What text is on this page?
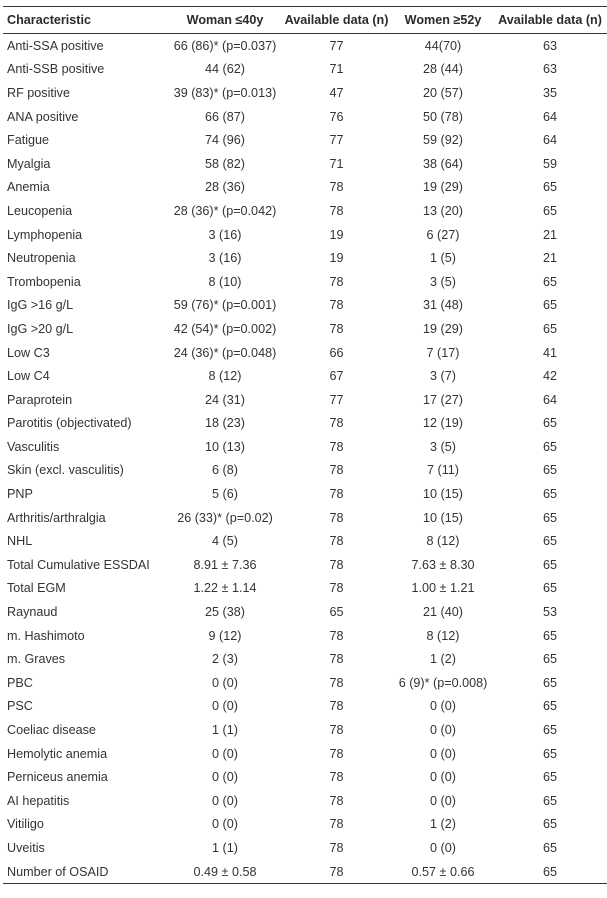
Characteristic	Woman ≤40y	Available data (n)	Women ≥52y	Available data (n)
Anti-SSA positive	66 (86)* (p=0.037)	77	44(70)	63
Anti-SSB positive	44 (62)	71	28 (44)	63
RF positive	39 (83)* (p=0.013)	47	20 (57)	35
ANA positive	66 (87)	76	50 (78)	64
Fatigue	74 (96)	77	59 (92)	64
Myalgia	58 (82)	71	38 (64)	59
Anemia	28 (36)	78	19 (29)	65
Leucopenia	28 (36)* (p=0.042)	78	13 (20)	65
Lymphopenia	3 (16)	19	6 (27)	21
Neutropenia	3 (16)	19	1 (5)	21
Trombopenia	8 (10)	78	3 (5)	65
IgG >16 g/L	59 (76)* (p=0.001)	78	31 (48)	65
IgG >20 g/L	42 (54)* (p=0.002)	78	19 (29)	65
Low C3	24 (36)* (p=0.048)	66	7 (17)	41
Low C4	8 (12)	67	3 (7)	42
Paraprotein	24 (31)	77	17 (27)	64
Parotitis (objectivated)	18 (23)	78	12 (19)	65
Vasculitis	10 (13)	78	3 (5)	65
Skin (excl. vasculitis)	6 (8)	78	7 (11)	65
PNP	5 (6)	78	10 (15)	65
Arthritis/arthralgia	26 (33)* (p=0.02)	78	10 (15)	65
NHL	4 (5)	78	8 (12)	65
Total Cumulative ESSDAI	8.91 ± 7.36	78	7.63 ± 8.30	65
Total EGM	1.22 ± 1.14	78	1.00 ± 1.21	65
Raynaud	25 (38)	65	21 (40)	53
m. Hashimoto	9 (12)	78	8 (12)	65
m. Graves	2 (3)	78	1 (2)	65
PBC	0 (0)	78	6 (9)* (p=0.008)	65
PSC	0 (0)	78	0 (0)	65
Coeliac disease	1 (1)	78	0 (0)	65
Hemolytic anemia	0 (0)	78	0 (0)	65
Perniceus anemia	0 (0)	78	0 (0)	65
AI hepatitis	0 (0)	78	0 (0)	65
Vitiligo	0 (0)	78	1 (2)	65
Uveitis	1 (1)	78	0 (0)	65
Number of OSAID	0.49 ± 0.58	78	0.57 ± 0.66	65
